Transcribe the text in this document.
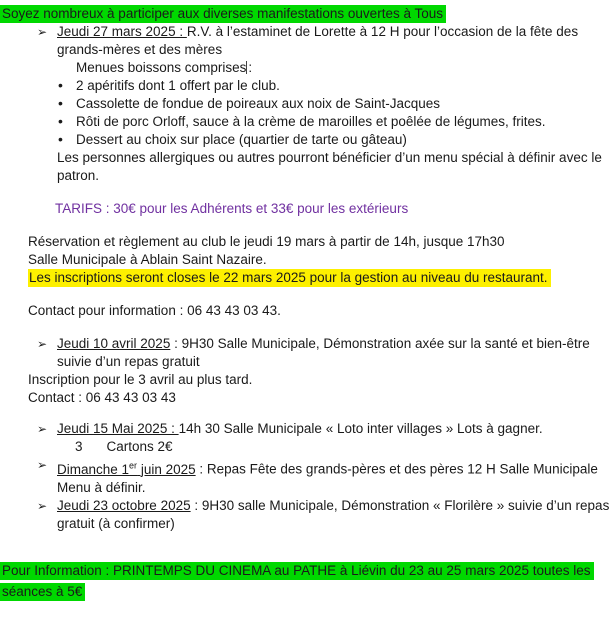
Soyez nombreux à participer aux diverses manifestations ouvertes à Tous
➢ Jeudi 27 mars 2025 : R.V. à l’estaminet de Lorette à 12 H pour l’occasion de la fête des
grands-mères et des mères
Menues boissons comprises :
• 2 apéritifs dont 1 offert par le club.
• Cassolette de fondue de poireaux aux noix de Saint-Jacques
• Rôti de porc Orloff, sauce à la crème de maroilles et poêlée de légumes, frites.
• Dessert au choix sur place (quartier de tarte ou gâteau)
Les personnes allergiques ou autres pourront bénéficier d’un menu spécial à définir avec le
patron.
TARIFS : 30€ pour les Adhérents et 33€ pour les extérieurs
Réservation et règlement au club le jeudi 19 mars à partir de 14h, jusque 17h30
Salle Municipale à Ablain Saint Nazaire.
Les inscriptions seront closes le 22 mars 2025 pour la gestion au niveau du restaurant.
Contact pour information : 06 43 43 03 43.
➢ Jeudi 10 avril 2025 : 9H30 Salle Municipale, Démonstration axée sur la santé et bien-être
suivie d’un repas gratuit
Inscription pour le 3 avril au plus tard.
Contact : 06 43 43 03 43
➢ Jeudi 15 Mai 2025 : 14h 30 Salle Municipale « Loto inter villages » Lots à gagner.
3 Cartons 2€
➢ Dimanche 1er juin 2025 : Repas Fête des grands-pères et des pères 12 H Salle Municipale
Menu à définir.
➢ Jeudi 23 octobre 2025 : 9H30 salle Municipale, Démonstration « Florilère » suivie d’un repas
gratuit (à confirmer)
Pour Information : PRINTEMPS DU CINEMA au PATHE à Liévin du 23 au 25 mars 2025 toutes les
séances à 5€
